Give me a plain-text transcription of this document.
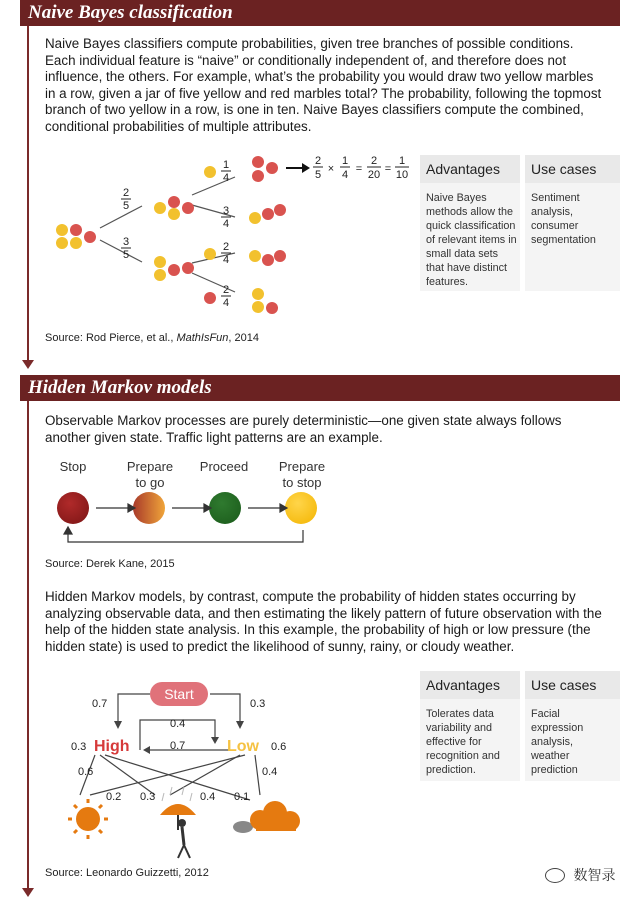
Naive Bayes classification
Naive Bayes classifiers compute probabilities, given tree branches of possible conditions. Each individual feature is “naive” or conditionally independent of, and therefore does not influence, the others. For example, what’s the probability you would draw two yellow marbles in a row, given a jar of five yellow and red marbles total? The probability, following the topmost branch of two yellow in a row, is one in ten. Naive Bayes classifiers compute the combined, conditional probabilities of multiple attributes.
2
5
3
5
1
4
3
4
2
4
2
4
2
5 ×
1
4 =
2
20 =
1
10	Advantages
Naive Bayes methods allow the quick classification of relevant items in small data sets that have distinct features.
Use cases
Sentiment analysis, consumer segmentation
Source: Rod Pierce, et al., MathIsFun, 2014
Hidden Markov models
Observable Markov processes are purely deterministic—one given state always follows another given state. Traffic light patterns are an example.
Stop	Prepare to go
Proceed	Prepare to stop
Source: Derek Kane, 2015
Hidden Markov models, by contrast, compute the probability of hidden states occurring by analyzing observable data, and then estimating the likely pattern of future observation with the help of the hidden state analysis. In this example, the probability of high or low pressure (the hidden state) is used to predict the likelihood of sunny, rainy, or cloudy weather.
Start
High	Low
0.7	0.3
0.4
0.7
0.3	0.6
0.6	0.4
0.2 0.3	0.4 0.1
Advantages
Tolerates data variability and effective for recognition and prediction.
Use cases
Facial expression analysis, weather prediction
Source: Leonardo Guizzetti, 2012	数智录
